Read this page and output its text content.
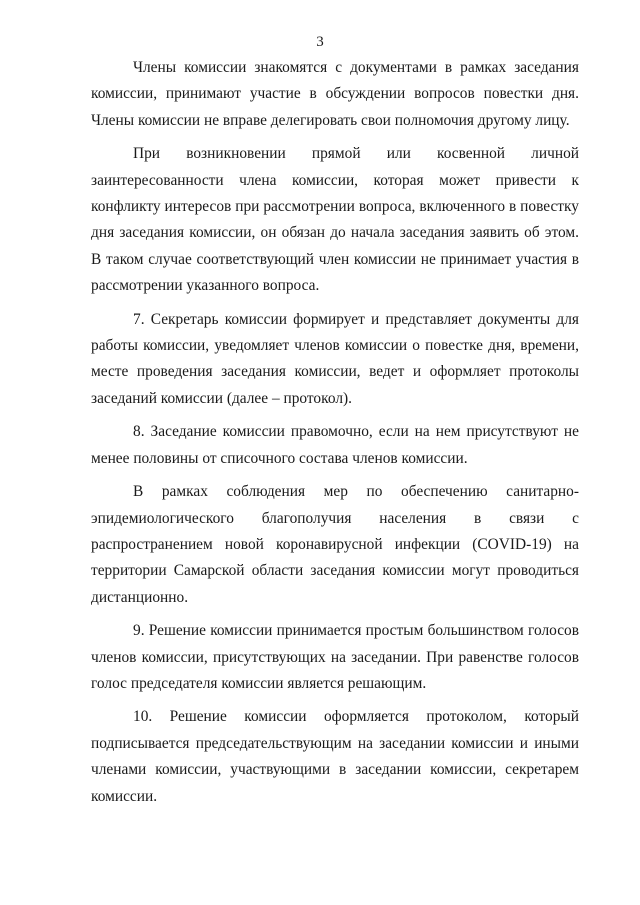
3

Члены комиссии знакомятся с документами в рамках заседания комиссии, принимают участие в обсуждении вопросов повестки дня. Члены комиссии не вправе делегировать свои полномочия другому лицу.

При возникновении прямой или косвенной личной заинтересованности члена комиссии, которая может привести к конфликту интересов при рассмотрении вопроса, включенного в повестку дня заседания комиссии, он обязан до начала заседания заявить об этом. В таком случае соответствующий член комиссии не принимает участия в рассмотрении указанного вопроса.

7. Секретарь комиссии формирует и представляет документы для работы комиссии, уведомляет членов комиссии о повестке дня, времени, месте проведения заседания комиссии, ведет и оформляет протоколы заседаний комиссии (далее – протокол).

8. Заседание комиссии правомочно, если на нем присутствуют не менее половины от списочного состава членов комиссии.

В рамках соблюдения мер по обеспечению санитарно-эпидемиологического благополучия населения в связи с распространением новой коронавирусной инфекции (COVID-19) на территории Самарской области заседания комиссии могут проводиться дистанционно.

9. Решение комиссии принимается простым большинством голосов членов комиссии, присутствующих на заседании. При равенстве голосов голос председателя комиссии является решающим.

10. Решение комиссии оформляется протоколом, который подписывается председательствующим на заседании комиссии и иными членами комиссии, участвующими в заседании комиссии, секретарем комиссии.
